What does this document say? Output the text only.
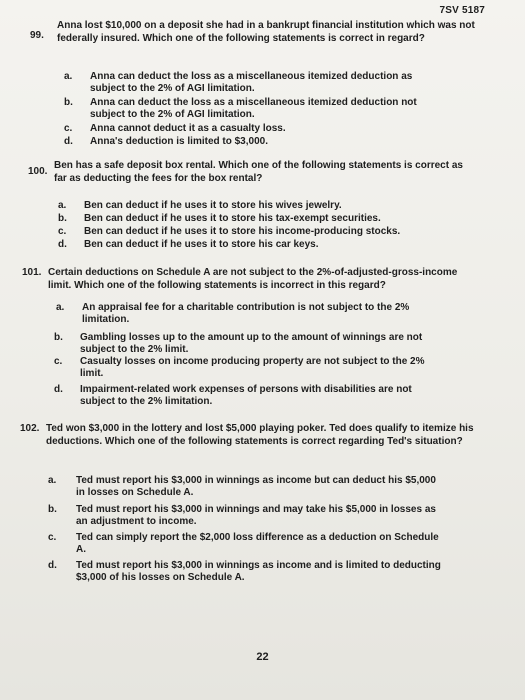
7SV 5187
99.
Anna lost $10,000 on a deposit she had in a bankrupt financial institution which was not federally insured. Which one of the following statements is correct in regard?
a. Anna can deduct the loss as a miscellaneous itemized deduction as subject to the 2% of AGI limitation.
b. Anna can deduct the loss as a miscellaneous itemized deduction not subject to the 2% of AGI limitation.
c. Anna cannot deduct it as a casualty loss.
d. Anna's deduction is limited to $3,000.
100.
Ben has a safe deposit box rental. Which one of the following statements is correct as far as deducting the fees for the box rental?
a. Ben can deduct if he uses it to store his wives jewelry.
b. Ben can deduct if he uses it to store his tax-exempt securities.
c. Ben can deduct if he uses it to store his income-producing stocks.
d. Ben can deduct if he uses it to store his car keys.
101. Certain deductions on Schedule A are not subject to the 2%-of-adjusted-gross-income limit. Which one of the following statements is incorrect in this regard?
a. An appraisal fee for a charitable contribution is not subject to the 2% limitation.
b. Gambling losses up to the amount up to the amount of winnings are not subject to the 2% limit.
c. Casualty losses on income producing property are not subject to the 2% limit.
d. Impairment-related work expenses of persons with disabilities are not subject to the 2% limitation.
102. Ted won $3,000 in the lottery and lost $5,000 playing poker. Ted does qualify to itemize his deductions. Which one of the following statements is correct regarding Ted's situation?
a. Ted must report his $3,000 in winnings as income but can deduct his $5,000 in losses on Schedule A.
b. Ted must report his $3,000 in winnings and may take his $5,000 in losses as an adjustment to income.
c. Ted can simply report the $2,000 loss difference as a deduction on Schedule A.
d. Ted must report his $3,000 in winnings as income and is limited to deducting $3,000 of his losses on Schedule A.
22
